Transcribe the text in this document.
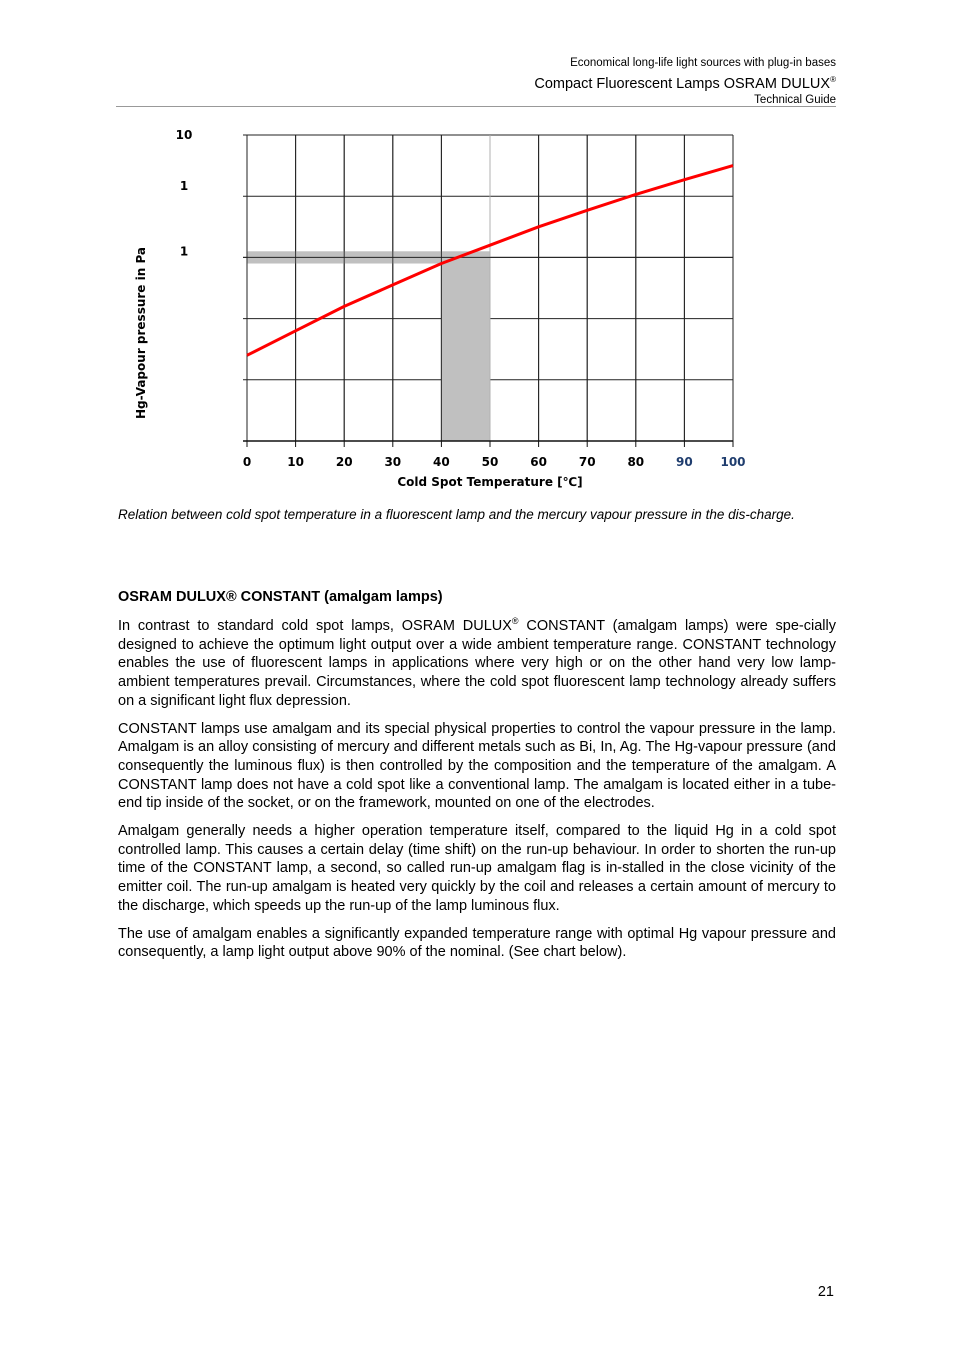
Economical long-life light sources with plug-in bases
Compact Fluorescent Lamps OSRAM DULUX®
Technical Guide
0	10	20	30	40	50	60	70	80	90 100
10
1
1
Cold Spot Temperature [℃]
Hg-Vapour pressure in Pa
Relation between cold spot temperature in a fluorescent lamp and the mercury vapour pressure in the dis-charge.
OSRAM DULUX® CONSTANT (amalgam lamps)

In contrast to standard cold spot lamps, OSRAM DULUX® CONSTANT (amalgam lamps) were spe-cially designed to achieve the optimum light output over a wide ambient temperature range. CONSTANT technology enables the use of fluorescent lamps in applications where very high or on the other hand very low lamp-ambient temperatures prevail. Circumstances, where the cold spot fluorescent lamp technology already suffers on a significant light flux depression.

CONSTANT lamps use amalgam and its special physical properties to control the vapour pressure in the lamp. Amalgam is an alloy consisting of mercury and different metals such as Bi, In, Ag. The Hg-vapour pressure (and consequently the luminous flux) is then controlled by the composition and the temperature of the amalgam. A CONSTANT lamp does not have a cold spot like a conventional lamp. The amalgam is located either in a tube-end tip inside of the socket, or on the framework, mounted on one of the electrodes.

Amalgam generally needs a higher operation temperature itself, compared to the liquid Hg in a cold spot controlled lamp. This causes a certain delay (time shift) on the run-up behaviour. In order to shorten the run-up time of the CONSTANT lamp, a second, so called run-up amalgam flag is in-stalled in the close vicinity of the emitter coil. The run-up amalgam is heated very quickly by the coil and releases a certain amount of mercury to the discharge, which speeds up the run-up of the lamp luminous flux.

The use of amalgam enables a significantly expanded temperature range with optimal Hg vapour pressure and consequently, a lamp light output above 90% of the nominal. (See chart below).

21
